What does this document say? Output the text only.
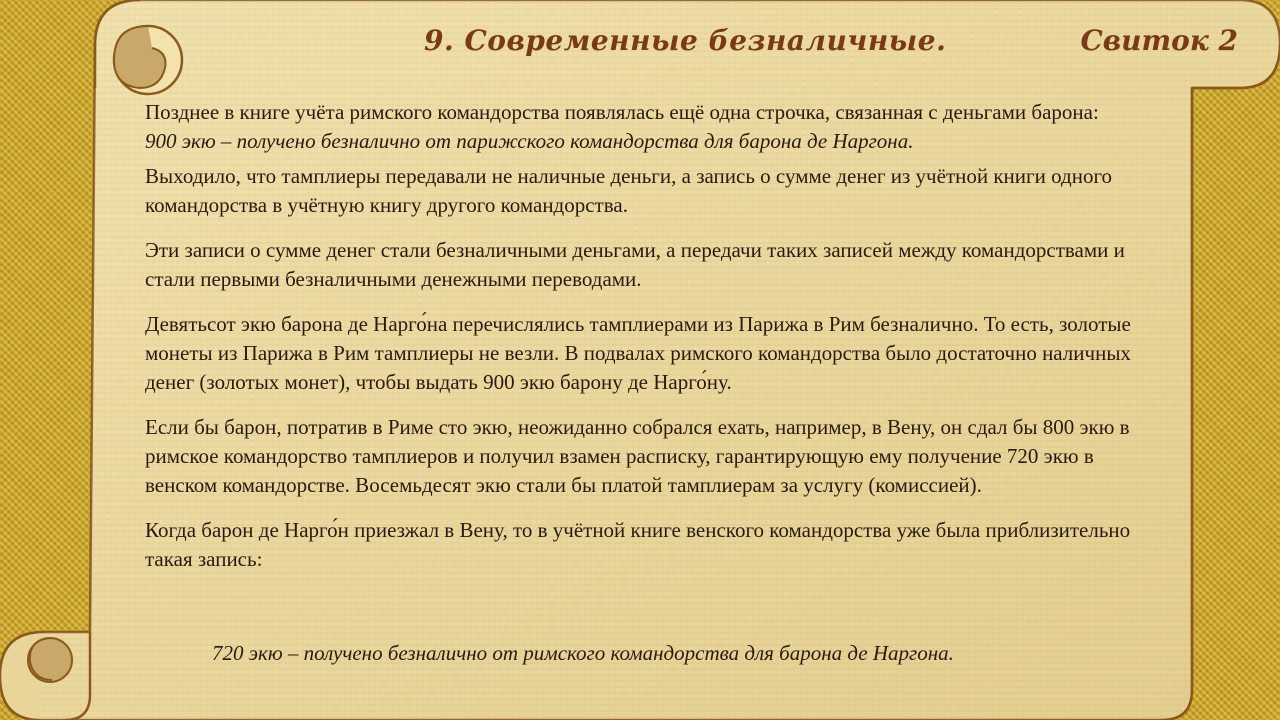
9. Современные безналичные.	Свиток 2

Позднее в книге учёта римского командорства появлялась ещё одна строчка, связанная с деньгами барона:

900 экю – получено безналично от парижского командорства для барона де Наргона.

Выходило, что тамплиеры передавали не наличные деньги, а запись о сумме денег из учётной книги одного командорства в учётную книгу другого командорства.

Эти записи о сумме денег стали безналичными деньгами, а передачи таких записей между командорствами и стали первыми безналичными денежными переводами.

Девятьсот экю барона де Нарго́на перечислялись тамплиерами из Парижа в Рим безналично. То есть, золотые монеты из Парижа в Рим тамплиеры не везли. В подвалах римского командорства было достаточно наличных денег (золотых монет), чтобы выдать 900 экю барону де Нарго́ну.

Если бы барон, потратив в Риме сто экю, неожиданно собрался ехать, например, в Вену, он сдал бы 800 экю в римское командорство тамплиеров и получил взамен расписку, гарантирующую ему получение 720 экю в венском командорстве. Восемьдесят экю стали бы платой тамплиерам за услугу (комиссией).

Когда барон де Нарго́н приезжал в Вену, то в учётной книге венского командорства уже была приблизительно такая запись:

720 экю – получено безналично от римского командорства для барона де Наргона.
